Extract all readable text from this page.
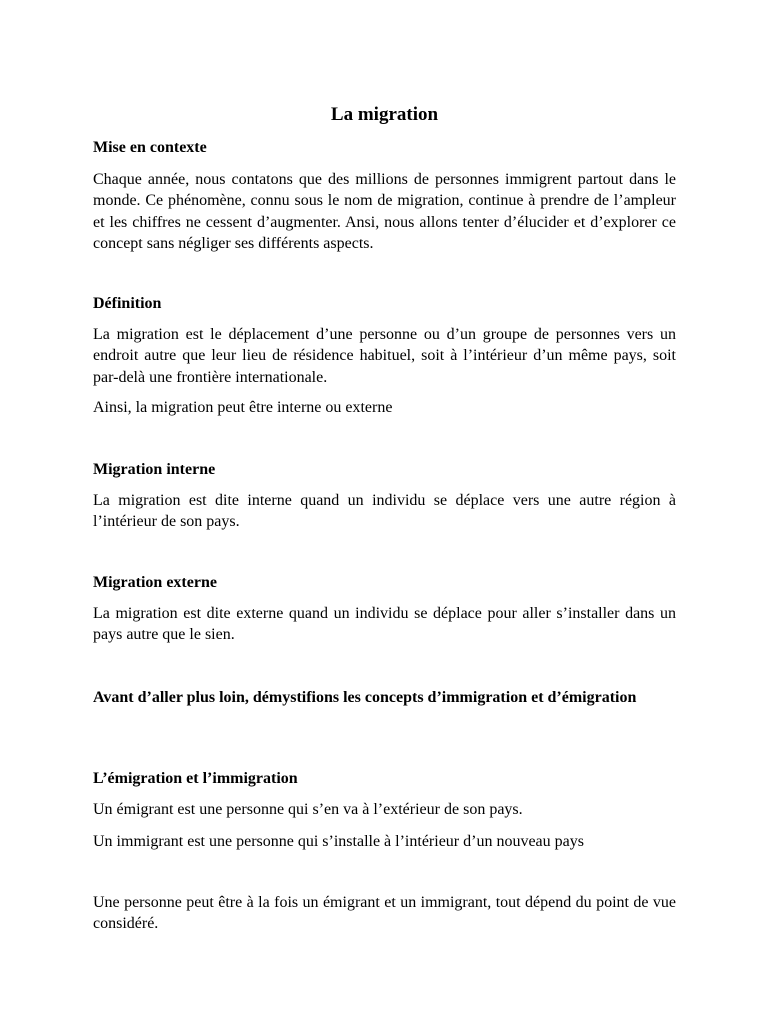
La migration
Mise en contexte

Chaque année, nous contatons que des millions de personnes immigrent partout dans le monde. Ce phénomène, connu sous le nom de migration, continue à prendre de l’ampleur et les chiffres ne cessent d’augmenter. Ansi, nous allons tenter d’élucider et d’explorer ce concept sans négliger ses différents aspects.

Définition

La migration est le déplacement d’une personne ou d’un groupe de personnes vers un endroit autre que leur lieu de résidence habituel, soit à l’intérieur d’un même pays, soit par-delà une frontière internationale.

Ainsi, la migration peut être interne ou externe

Migration interne

La migration est dite interne quand un individu se déplace vers une autre région à l’intérieur de son pays.

Migration externe

La migration est dite externe quand un individu se déplace pour aller s’installer dans un pays autre que le sien.

Avant d’aller plus loin, démystifions les concepts d’immigration et d’émigration

L’émigration et l’immigration

Un émigrant est une personne qui s’en va à l’extérieur de son pays.

Un immigrant est une personne qui s’installe à l’intérieur d’un nouveau pays

Une personne peut être à la fois un émigrant et un immigrant, tout dépend du point de vue considéré.
